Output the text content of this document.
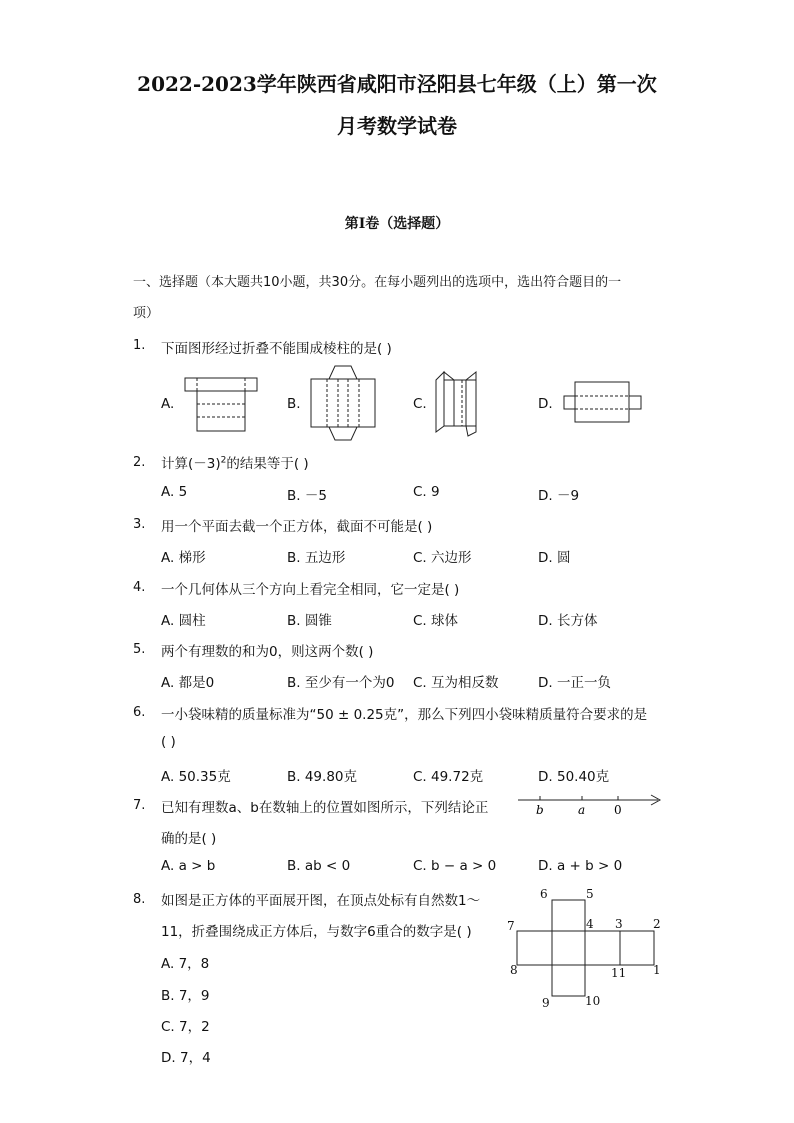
2022-2023学年陕西省咸阳市泾阳县七年级（上）第一次
月考数学试卷
第I卷（选择题）
一、选择题（本大题共10小题，共30分。在每小题列出的选项中，选出符合题目的一
项）
1. 下面图形经过折叠不能围成棱柱的是( )
A.	B.	C.	D.
2. 计算$(-3)^2$的结果等于( )
A. 5	B. －5	C. 9	D. －9
3. 用一个平面去截一个正方体，截面不可能是( )
A. 梯形	B. 五边形	C. 六边形	D. 圆
4. 一个几何体从三个方向上看完全相同，它一定是( )
A. 圆柱	B. 圆锥	C. 球体	D. 长方体
5. 两个有理数的和为0，则这两个数( )
A. 都是0	B. 至少有一个为0 C. 互为相反数	D. 一正一负
6. 一小袋味精的质量标准为“50 ± 0.25克”，那么下列四小袋味精质量符合要求的是
( )
A. 50.35克	B. 49.80克	C. 49.72克	D. 50.40克
7. 已知有理数a、b在数轴上的位置如图所示，下列结论正
确的是( )
A. a > b	B. ab < 0	C. b − a > 0	D. a + b > 0
b	a 0
8. 如图是正方体的平面展开图，在顶点处标有自然数1～
11，折叠围绕成正方体后，与数字6重合的数字是( )
A. 7，8
B. 7，9
C. 7，2
D. 7，4
6	5
7	4 3	2
8	11 1
9	10
